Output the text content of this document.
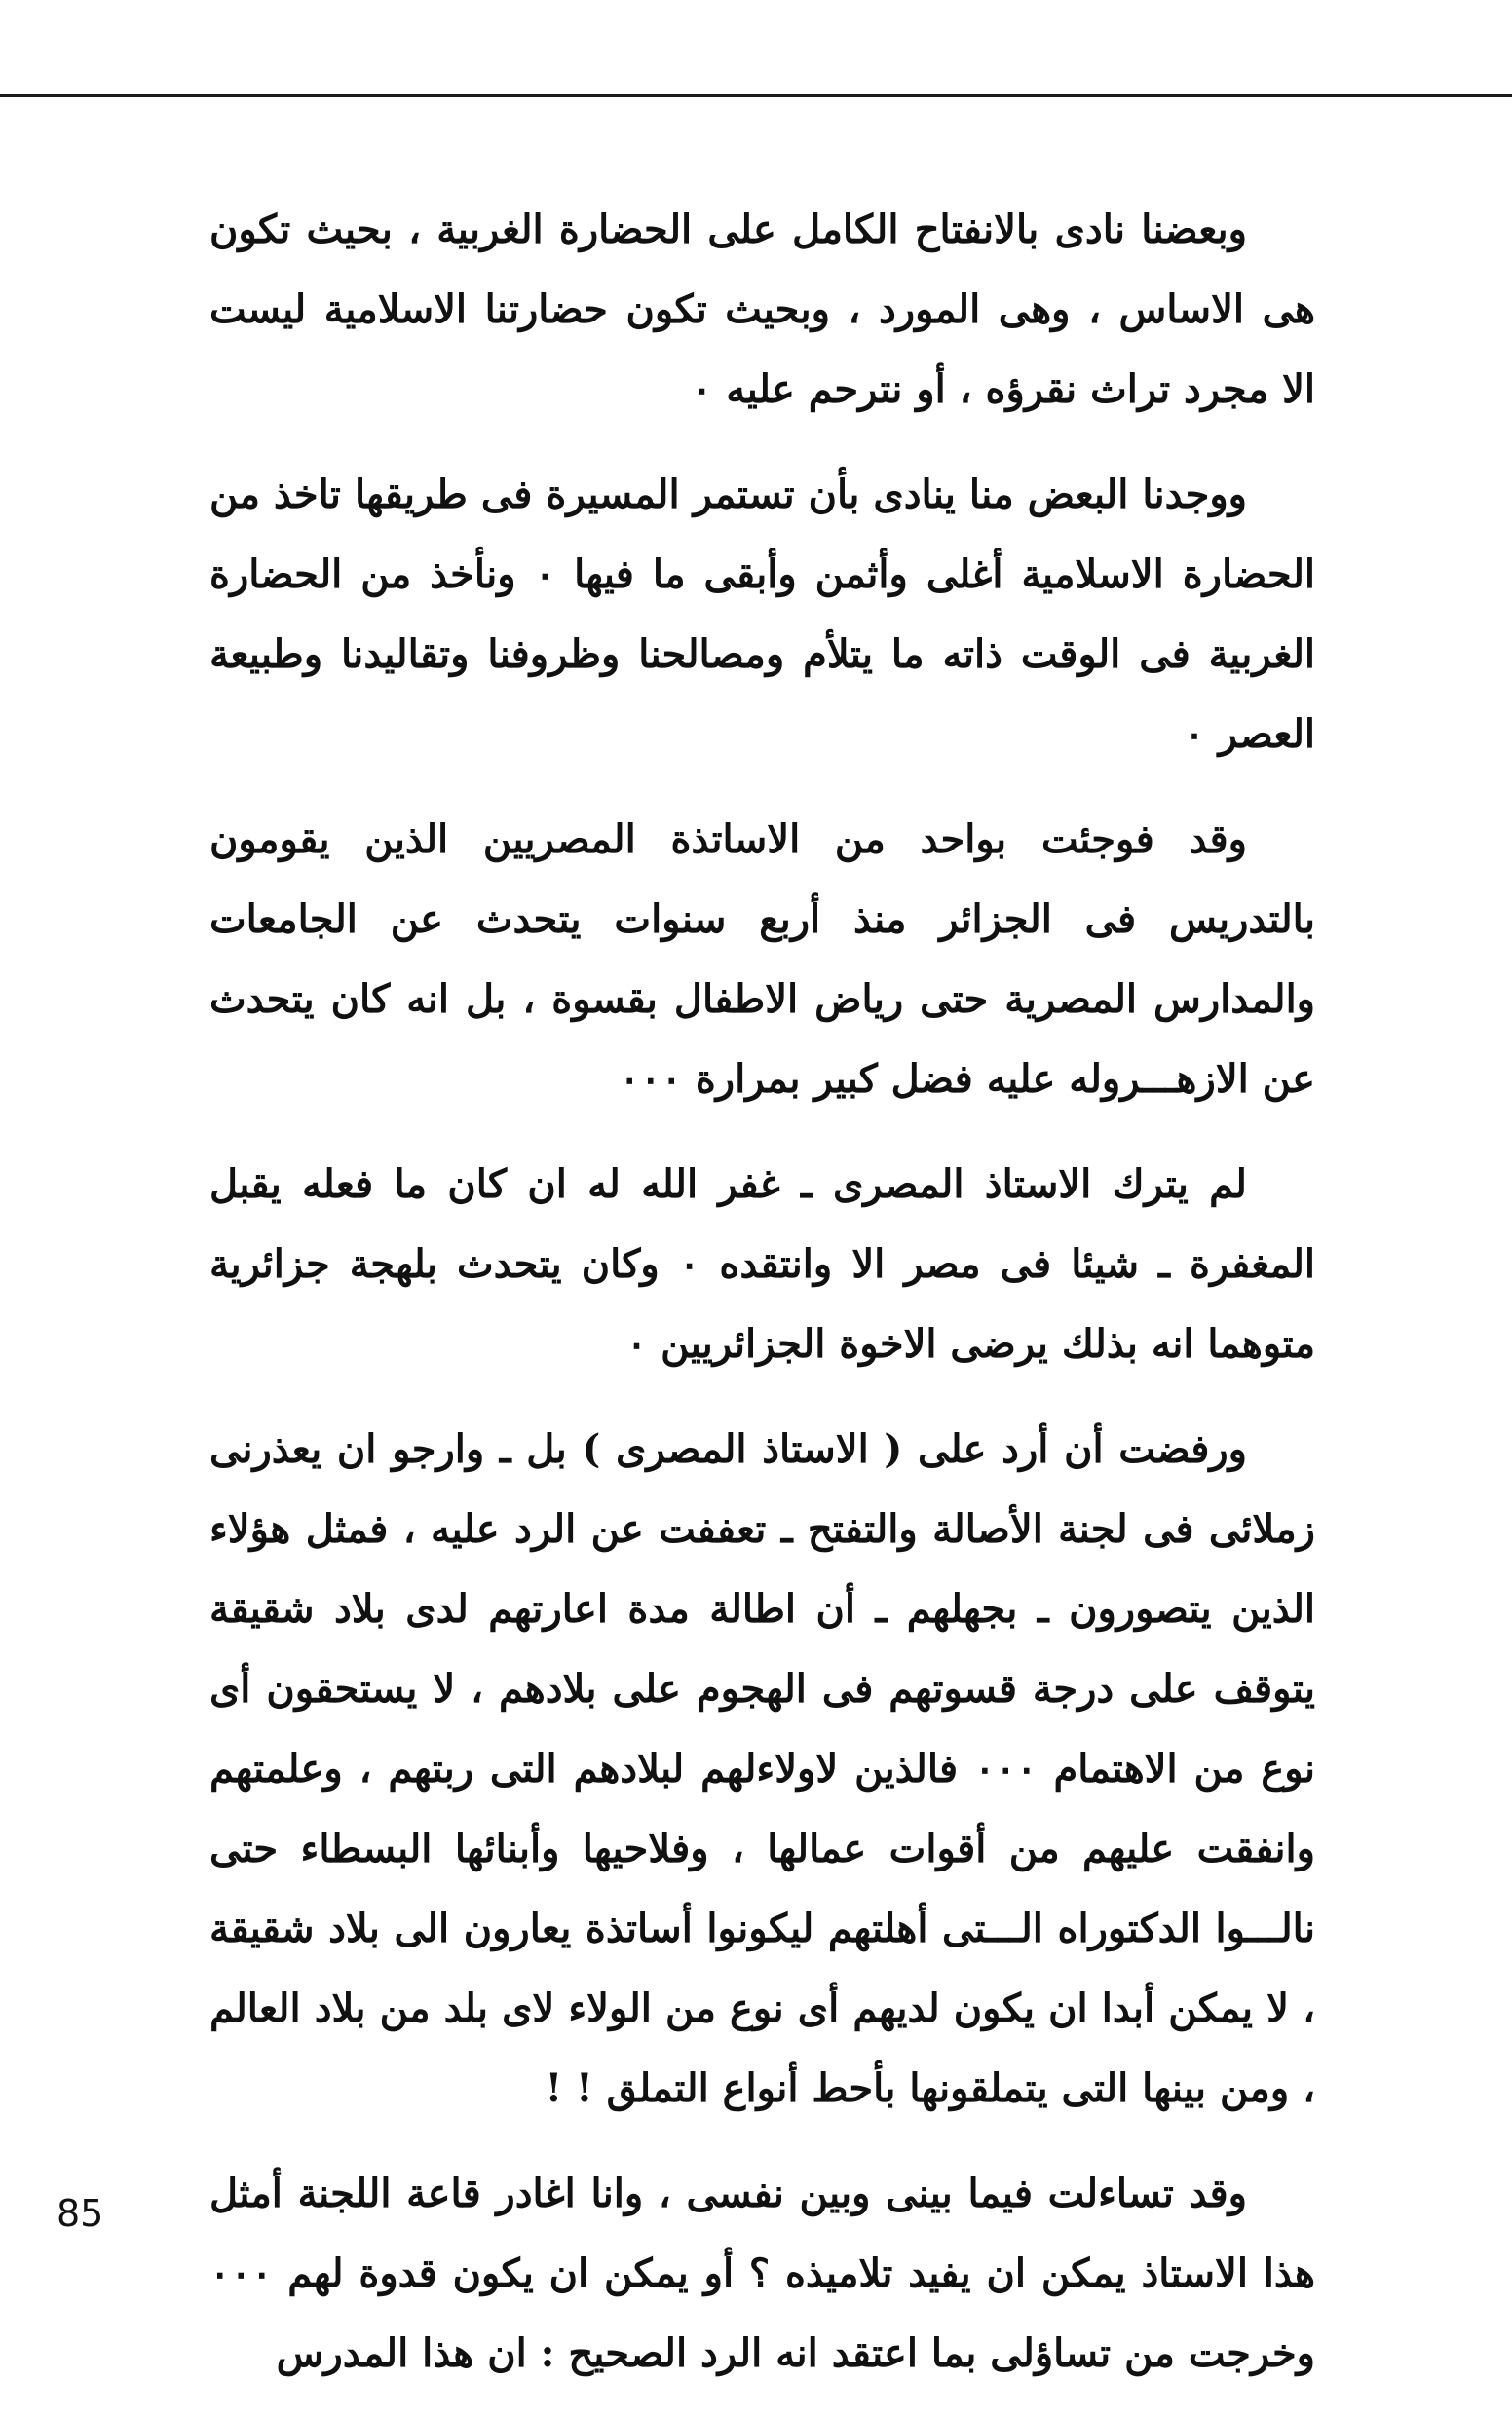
وبعضنا نادى بالانفتاح الكامل على الحضارة الغربية ، بحيث تكون هى الاساس ، وهى المورد ، وبحيث تكون حضارتنا الاسلامية ليست الا مجرد تراث نقرؤه ، أو نترحم عليه ٠

ووجدنا البعض منا ينادى بأن تستمر المسيرة فى طريقها تاخذ من الحضارة الاسلامية أغلى وأثمن وأبقى ما فيها ٠ ونأخذ من الحضارة الغربية فى الوقت ذاته ما يتلأم ومصالحنا وظروفنا وتقاليدنا وطبيعة العصر ٠

وقد فوجئت بواحد من الاساتذة المصريين الذين يقومون بالتدريس فى الجزائر منذ أربع سنوات يتحدث عن الجامعات والمدارس المصرية حتى رياض الاطفال بقسوة ، بل انه كان يتحدث عن الازهـــروله عليه فضل كبير بمرارة ٠٠٠

لم يترك الاستاذ المصرى ـ غفر الله له ان كان ما فعله يقبل المغفرة ـ شيئا فى مصر الا وانتقده ٠ وكان يتحدث بلهجة جزائرية متوهما انه بذلك يرضى الاخوة الجزائريين ٠

ورفضت أن أرد على ( الاستاذ المصرى ) بل ـ وارجو ان يعذرنى زملائى فى لجنة الأصالة والتفتح ـ تعففت عن الرد عليه ، فمثل هؤلاء الذين يتصورون ـ بجهلهم ـ أن اطالة مدة اعارتهم لدى بلاد شقيقة يتوقف على درجة قسوتهم فى الهجوم على بلادهم ، لا يستحقون أى نوع من الاهتمام ٠٠٠ فالذين لاولاءلهم لبلادهم التى ربتهم ، وعلمتهم وانفقت عليهم من أقوات عمالها ، وفلاحيها وأبنائها البسطاء حتى نالـــوا الدكتوراه الـــتى أهلتهم ليكونوا أساتذة يعارون الى بلاد شقيقة ، لا يمكن أبدا ان يكون لديهم أى نوع من الولاء لاى بلد من بلاد العالم ، ومن بينها التى يتملقونها بأحط أنواع التملق ! !

وقد تساءلت فيما بينى وبين نفسى ، وانا اغادر قاعة اللجنة أمثل هذا الاستاذ يمكن ان يفيد تلاميذه ؟ أو يمكن ان يكون قدوة لهم ٠٠٠ وخرجت من تساؤلى بما اعتقد انه الرد الصحيح : ان هذا المدرس

85
